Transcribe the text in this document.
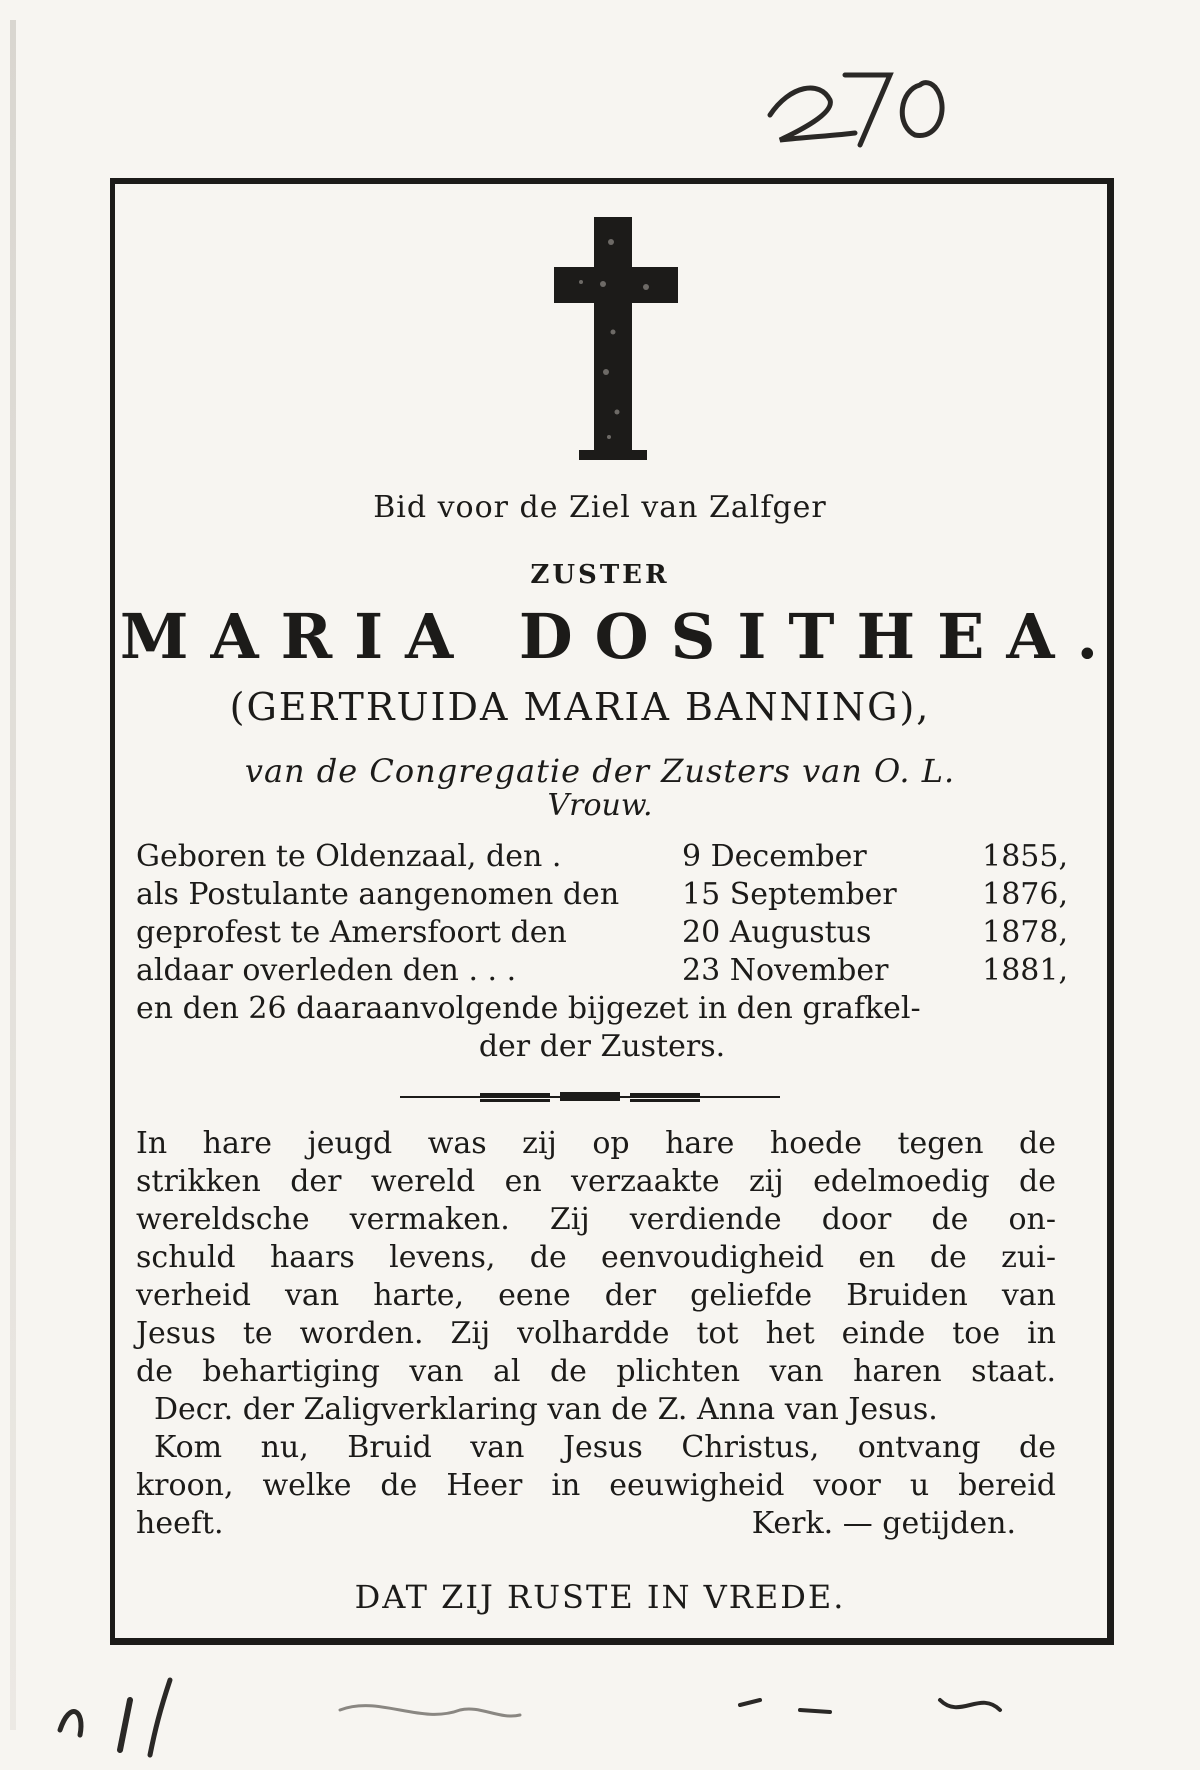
Bid voor de Ziel van Zalfger
ZUSTER
MARIA DOSITHEA.
(GERTRUIDA MARIA BANNING),
van de Congregatie der Zusters van O. L.
Vrouw.
Geboren te Oldenzaal, den .	9 December	1855,
als Postulante aangenomen den	15 September	1876,
geprofest te Amersfoort den	20 Augustus	1878,
aldaar overleden den . . .	23 November	1881,
en den 26 daaraanvolgende bijgezet in den grafkel-
der der Zusters.
In hare jeugd was zij op hare hoede tegen de
strikken der wereld en verzaakte zij edelmoedig de
wereldsche vermaken. Zij verdiende door de on-
schuld haars levens, de eenvoudigheid en de zui-
verheid van harte, eene der geliefde Bruiden van
Jesus te worden. Zij volhardde tot het einde toe in
de behartiging van al de plichten van haren staat.
Decr. der Zaligverklaring van de Z. Anna van Jesus.
Kom nu, Bruid van Jesus Christus, ontvang de
kroon, welke de Heer in eeuwigheid voor u bereid
heeft.	Kerk. — getijden.
DAT ZIJ RUSTE IN VREDE.
